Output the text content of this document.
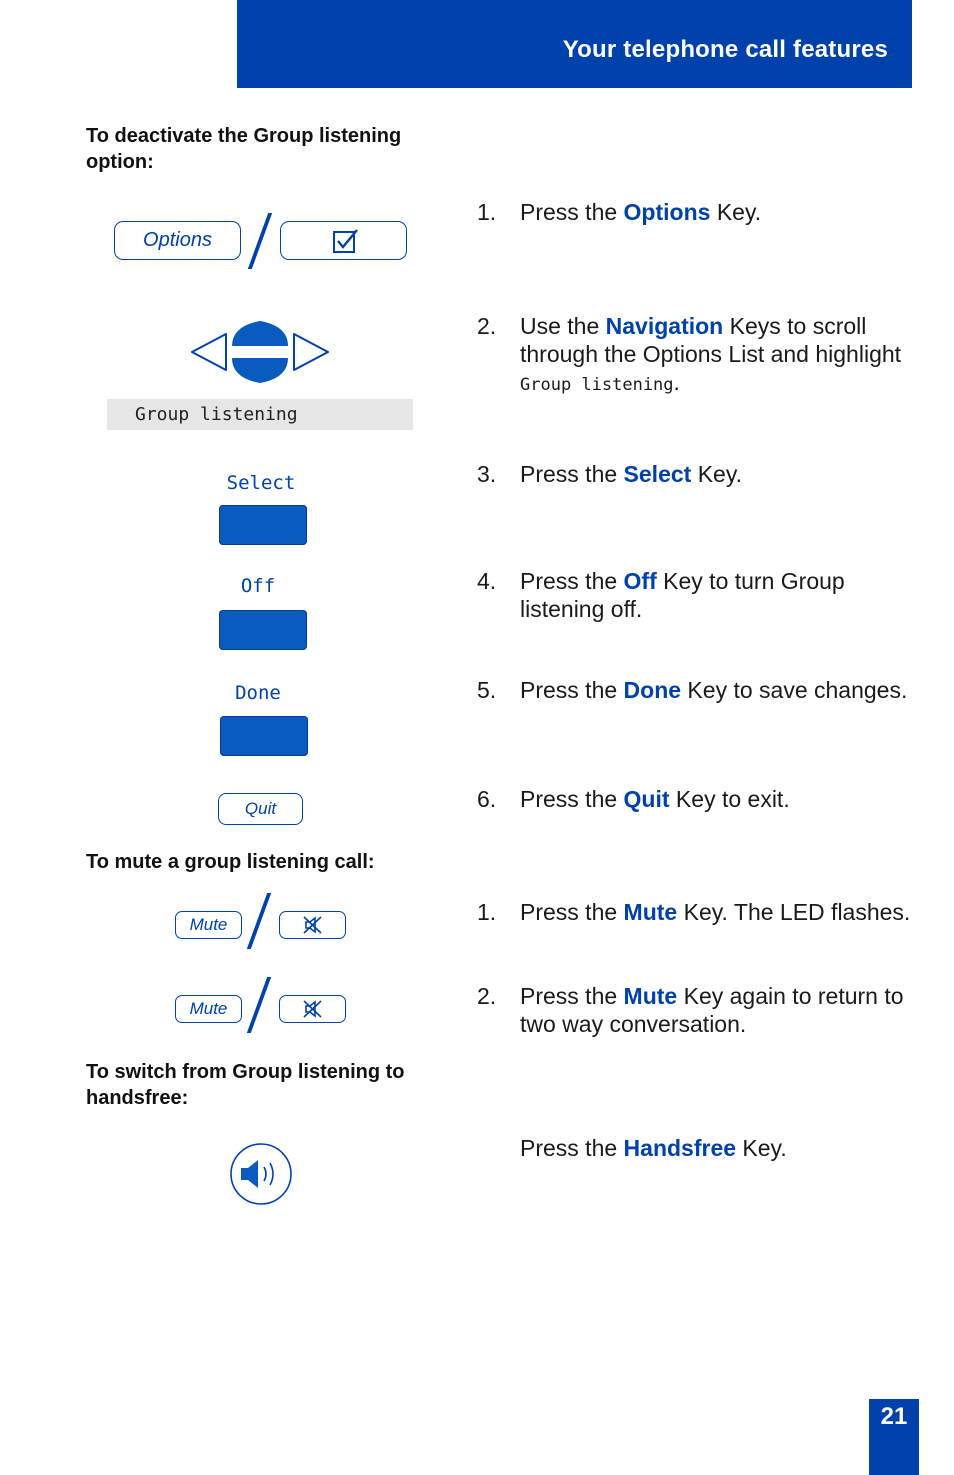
Your telephone call features
To deactivate the Group listening option:
To mute a group listening call:
To switch from Group listening to handsfree:
Options
Group listening
Select
Off
Done
Quit
Mute
Mute
1. Press the Options Key.
2. Use the Navigation Keys to scroll through the Options List and highlight Group listening.
3. Press the Select Key.
4. Press the Off Key to turn Group listening off.
5. Press the Done Key to save changes.
6. Press the Quit Key to exit.
1. Press the Mute Key. The LED flashes.
2. Press the Mute Key again to return to two way conversation.
Press the Handsfree Key.
21
